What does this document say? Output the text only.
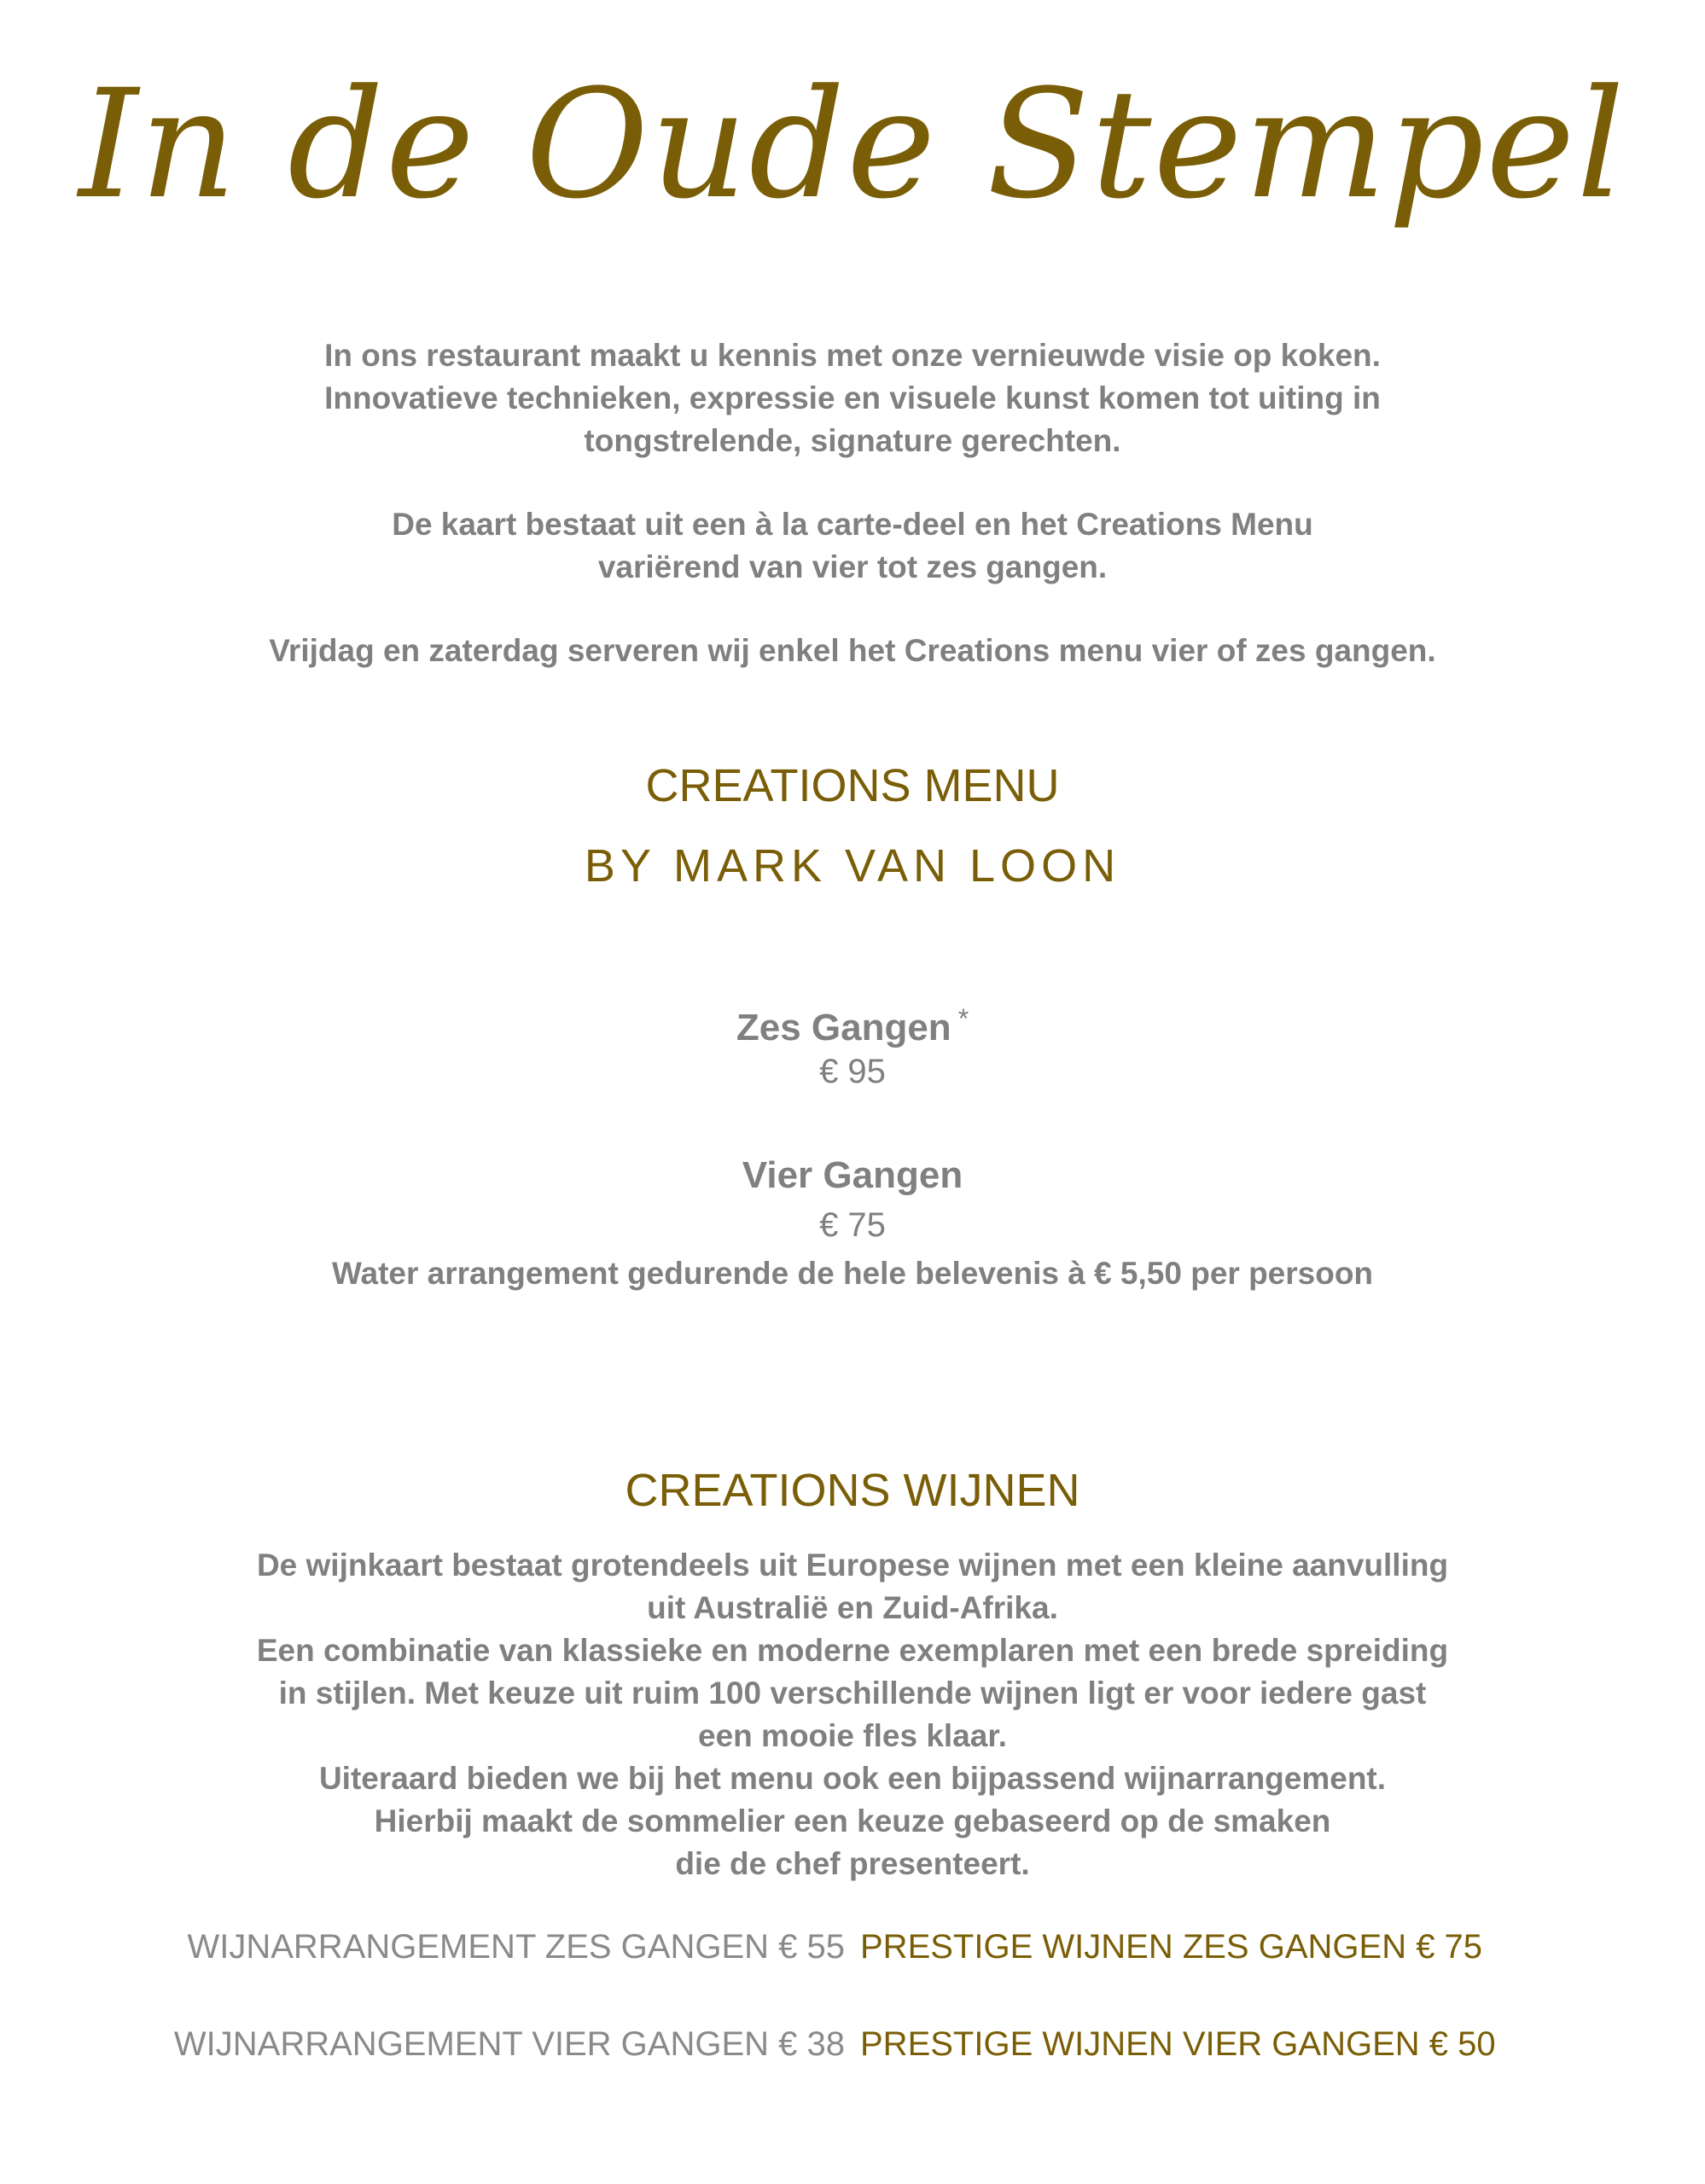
In de Oude Stempel

In ons restaurant maakt u kennis met onze vernieuwde visie op koken.

Innovatieve technieken, expressie en visuele kunst komen tot uiting in

tongstrelende, signature gerechten.

De kaart bestaat uit een à la carte-deel en het Creations Menu

variërend van vier tot zes gangen.

Vrijdag en zaterdag serveren wij enkel het Creations menu vier of zes gangen.

CREATIONS MENU
BY MARK VAN LOON
Zes Gangen *
€ 95
Vier Gangen
€ 75
Water arrangement gedurende de hele belevenis à € 5,50 per persoon
CREATIONS WIJNEN

De wijnkaart bestaat grotendeels uit Europese wijnen met een kleine aanvulling

uit Australië en Zuid-Afrika.

Een combinatie van klassieke en moderne exemplaren met een brede spreiding

in stijlen. Met keuze uit ruim 100 verschillende wijnen ligt er voor iedere gast

een mooie fles klaar.

Uiteraard bieden we bij het menu ook een bijpassend wijnarrangement.

Hierbij maakt de sommelier een keuze gebaseerd op de smaken

die de chef presenteert.

WIJNARRANGEMENT ZES GANGEN € 55 PRESTIGE WIJNEN ZES GANGEN € 75
WIJNARRANGEMENT VIER GANGEN € 38 PRESTIGE WIJNEN VIER GANGEN € 50
